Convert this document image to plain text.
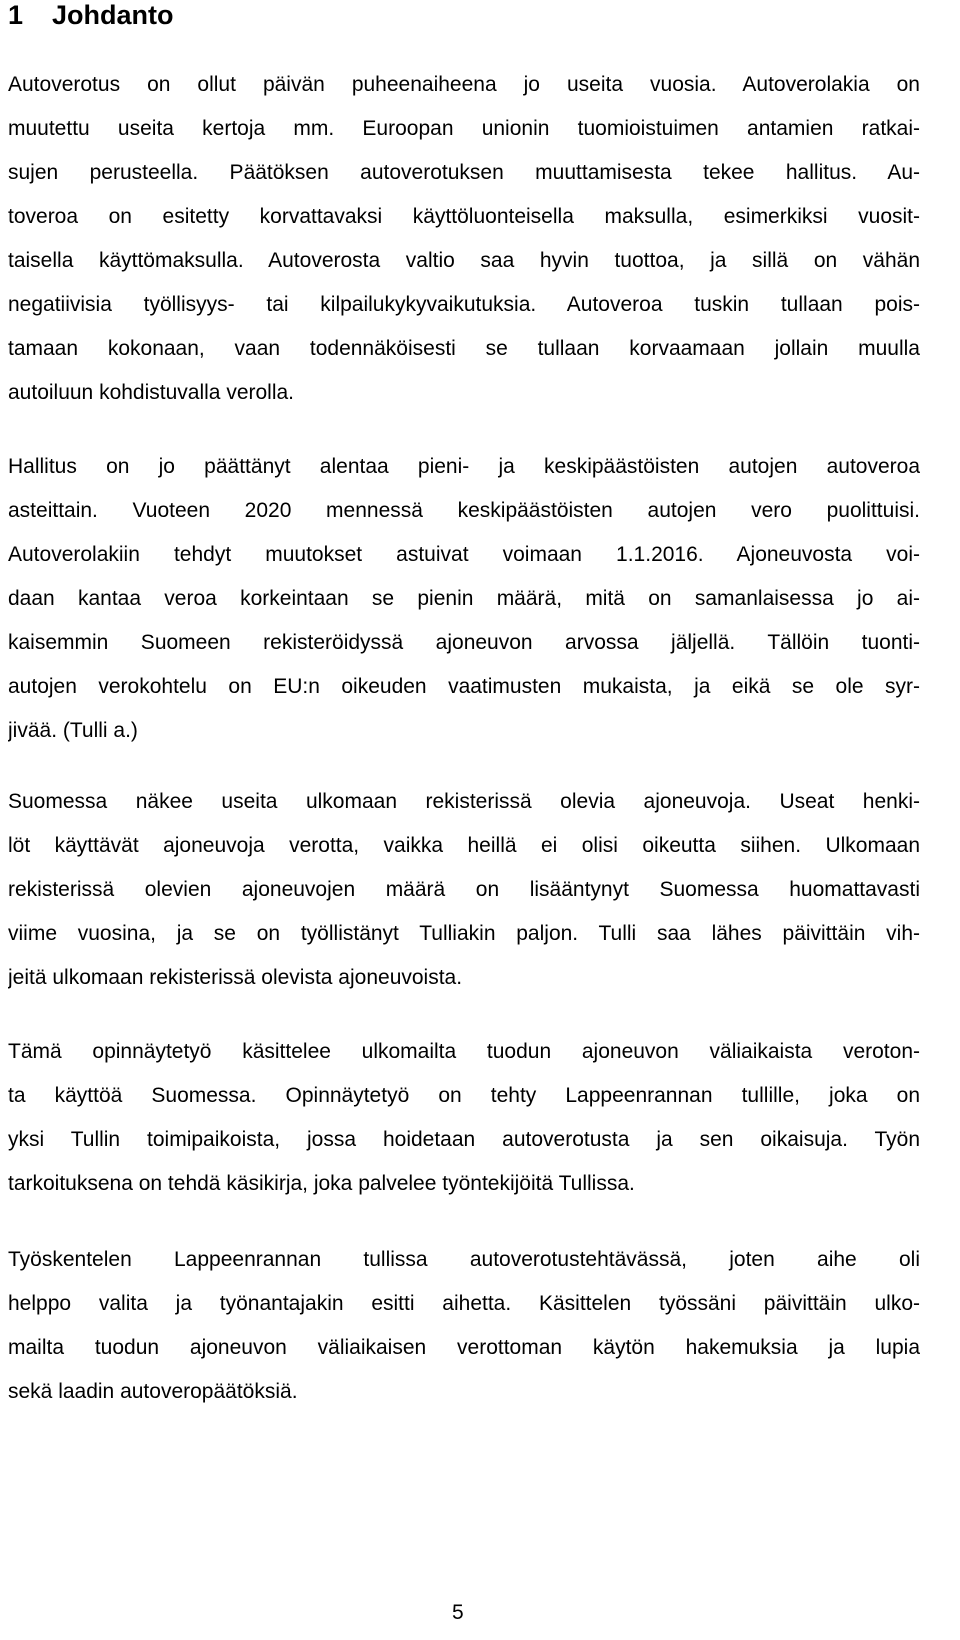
1 Johdanto
Autoverotus on ollut päivän puheenaiheena jo useita vuosia. Autoverolakia on
muutettu useita kertoja mm. Euroopan unionin tuomioistuimen antamien ratkai-
sujen perusteella. Päätöksen autoverotuksen muuttamisesta tekee hallitus. Au-
toveroa on esitetty korvattavaksi käyttöluonteisella maksulla, esimerkiksi vuosit-
taisella käyttömaksulla. Autoverosta valtio saa hyvin tuottoa, ja sillä on vähän
negatiivisia työllisyys- tai kilpailukykyvaikutuksia. Autoveroa tuskin tullaan pois-
tamaan kokonaan, vaan todennäköisesti se tullaan korvaamaan jollain muulla
autoiluun kohdistuvalla verolla.
Hallitus on jo päättänyt alentaa pieni- ja keskipäästöisten autojen autoveroa
asteittain. Vuoteen 2020 mennessä keskipäästöisten autojen vero puolittuisi.
Autoverolakiin tehdyt muutokset astuivat voimaan 1.1.2016. Ajoneuvosta voi-
daan kantaa veroa korkeintaan se pienin määrä, mitä on samanlaisessa jo ai-
kaisemmin Suomeen rekisteröidyssä ajoneuvon arvossa jäljellä. Tällöin tuonti-
autojen verokohtelu on EU:n oikeuden vaatimusten mukaista, ja eikä se ole syr-
jivää. (Tulli a.)
Suomessa näkee useita ulkomaan rekisterissä olevia ajoneuvoja. Useat henki-
löt käyttävät ajoneuvoja verotta, vaikka heillä ei olisi oikeutta siihen. Ulkomaan
rekisterissä olevien ajoneuvojen määrä on lisääntynyt Suomessa huomattavasti
viime vuosina, ja se on työllistänyt Tulliakin paljon. Tulli saa lähes päivittäin vih-
jeitä ulkomaan rekisterissä olevista ajoneuvoista.
Tämä opinnäytetyö käsittelee ulkomailta tuodun ajoneuvon väliaikaista veroton-
ta käyttöä Suomessa. Opinnäytetyö on tehty Lappeenrannan tullille, joka on
yksi Tullin toimipaikoista, jossa hoidetaan autoverotusta ja sen oikaisuja. Työn
tarkoituksena on tehdä käsikirja, joka palvelee työntekijöitä Tullissa.
Työskentelen Lappeenrannan tullissa autoverotustehtävässä, joten aihe oli
helppo valita ja työnantajakin esitti aihetta. Käsittelen työssäni päivittäin ulko-
mailta tuodun ajoneuvon väliaikaisen verottoman käytön hakemuksia ja lupia
sekä laadin autoveropäätöksiä.
5
